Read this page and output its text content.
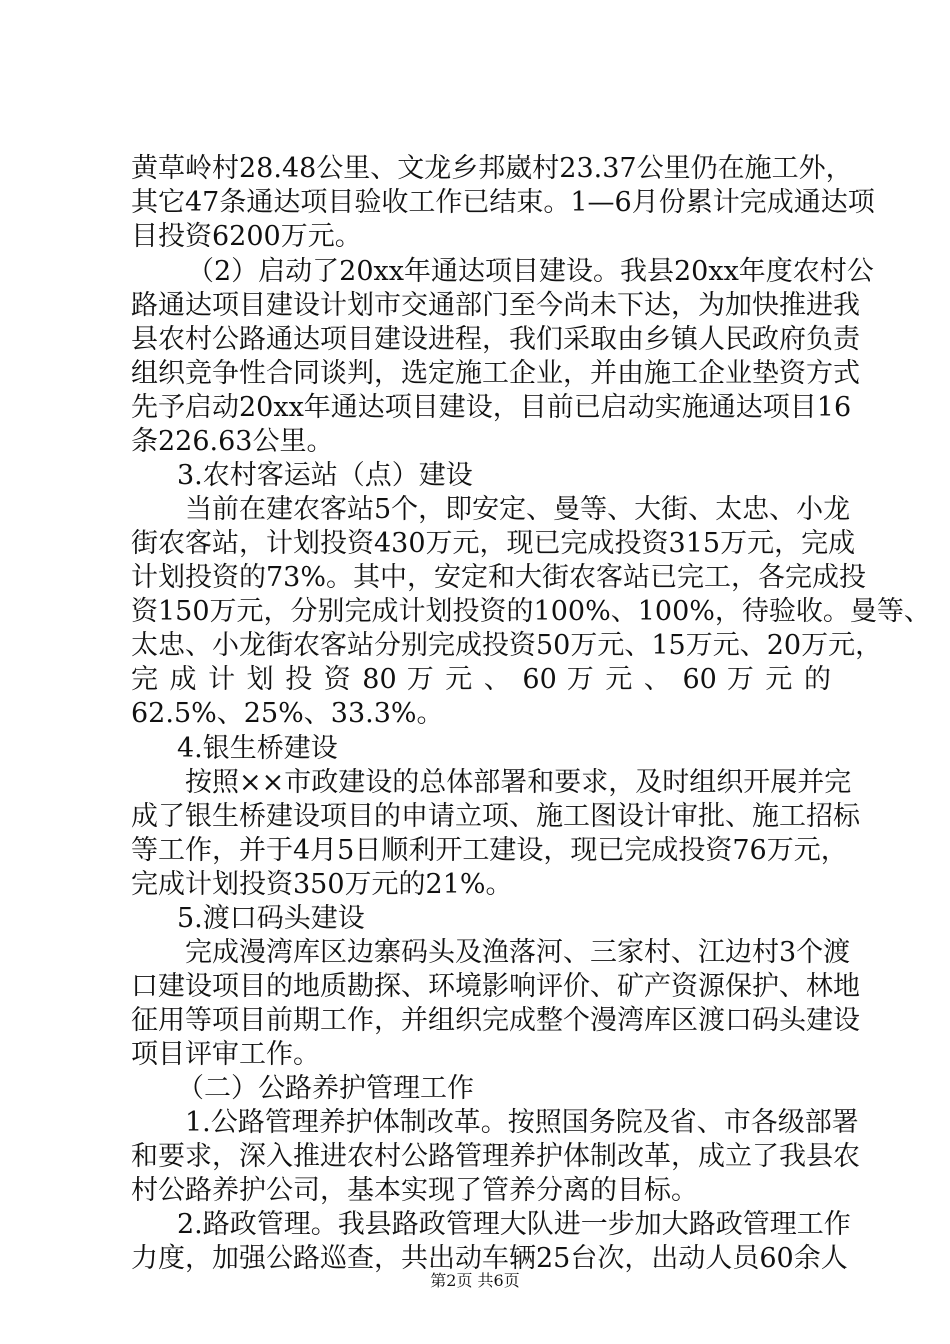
黄草岭村28.48公里、文龙乡邦崴村23.37公里仍在施工外，
其它47条通达项目验收工作已结束。1—6月份累计完成通达项
目投资6200万元。
（2）启动了20xx年通达项目建设。我县20xx年度农村公
路通达项目建设计划市交通部门至今尚未下达，为加快推进我
县农村公路通达项目建设进程，我们采取由乡镇人民政府负责
组织竞争性合同谈判，选定施工企业，并由施工企业垫资方式
先予启动20xx年通达项目建设，目前已启动实施通达项目16
条226.63公里。
3.农村客运站（点）建设
当前在建农客站5个，即安定、曼等、大街、太忠、小龙
街农客站，计划投资430万元，现已完成投资315万元，完成
计划投资的73%。其中，安定和大街农客站已完工，各完成投
资150万元，分别完成计划投资的100%、100%，待验收。曼等、
太忠、小龙街农客站分别完成投资50万元、15万元、20万元，
完 成 计 划 投 资 80 万 元 、 60 万 元 、 60 万 元 的
62.5%、25%、33.3%。
4.银生桥建设
按照××市政建设的总体部署和要求，及时组织开展并完
成了银生桥建设项目的申请立项、施工图设计审批、施工招标
等工作，并于4月5日顺利开工建设，现已完成投资76万元，
完成计划投资350万元的21%。
5.渡口码头建设
完成漫湾库区边寨码头及渔落河、三家村、江边村3个渡
口建设项目的地质勘探、环境影响评价、矿产资源保护、林地
征用等项目前期工作，并组织完成整个漫湾库区渡口码头建设
项目评审工作。
（二）公路养护管理工作
1.公路管理养护体制改革。按照国务院及省、市各级部署
和要求，深入推进农村公路管理养护体制改革，成立了我县农
村公路养护公司，基本实现了管养分离的目标。
2.路政管理。我县路政管理大队进一步加大路政管理工作
力度，加强公路巡查，共出动车辆25台次，出动人员60余人
第2页 共6页
